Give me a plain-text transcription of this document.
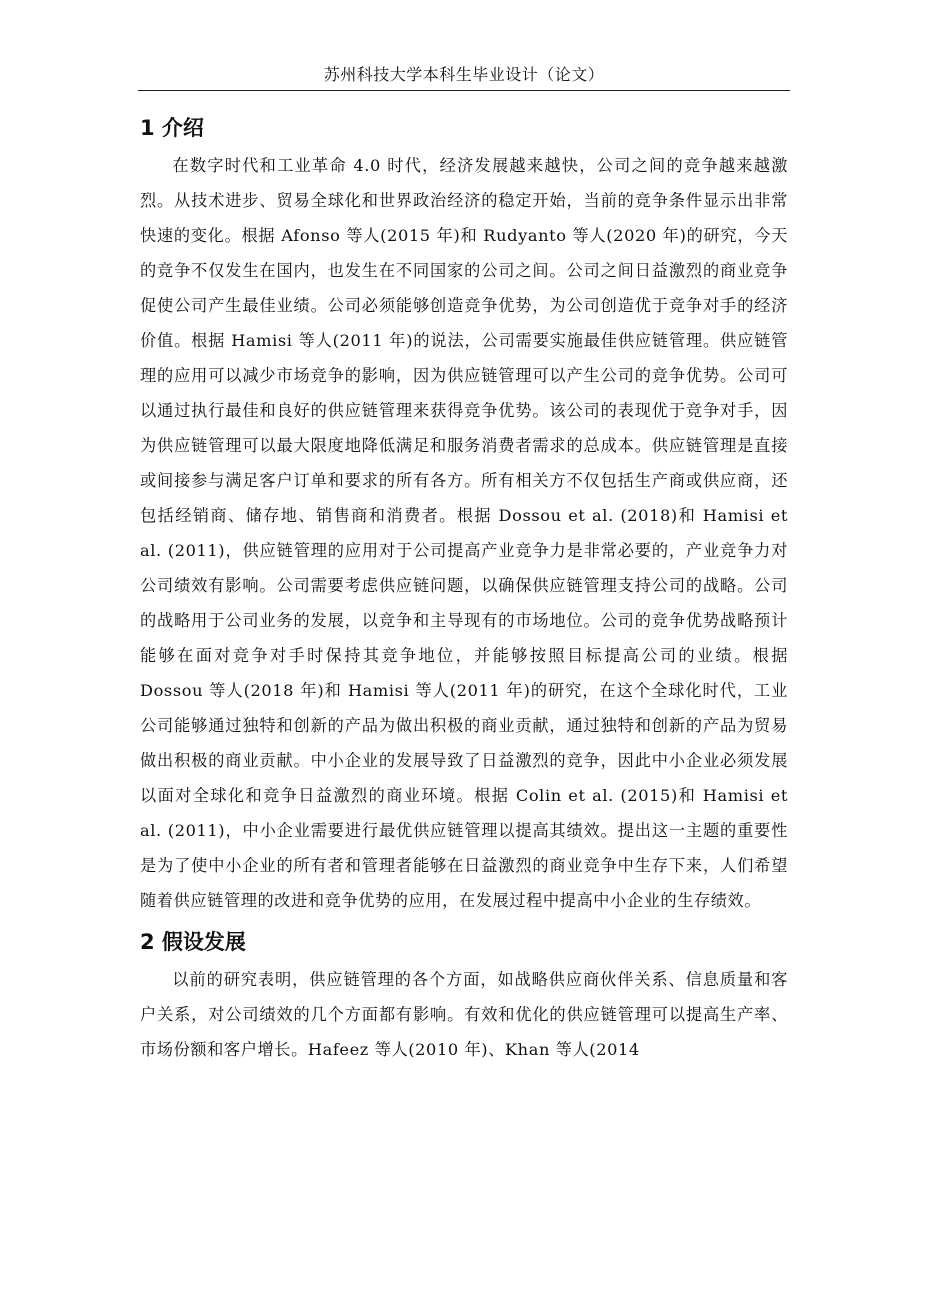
苏州科技大学本科生毕业设计（论文）
1 介绍

在数字时代和工业革命 4.0 时代，经济发展越来越快，公司之间的竞争越来越激烈。从技术进步、贸易全球化和世界政治经济的稳定开始，当前的竞争条件显示出非常快速的变化。根据 Afonso 等人(2015 年)和 Rudyanto 等人(2020 年)的研究，今天的竞争不仅发生在国内，也发生在不同国家的公司之间。公司之间日益激烈的商业竞争促使公司产生最佳业绩。公司必须能够创造竞争优势，为公司创造优于竞争对手的经济价值。根据 Hamisi 等人(2011 年)的说法，公司需要实施最佳供应链管理。供应链管理的应用可以减少市场竞争的影响，因为供应链管理可以产生公司的竞争优势。公司可以通过执行最佳和良好的供应链管理来获得竞争优势。该公司的表现优于竞争对手，因为供应链管理可以最大限度地降低满足和服务消费者需求的总成本。供应链管理是直接或间接参与满足客户订单和要求的所有各方。所有相关方不仅包括生产商或供应商，还包括经销商、储存地、销售商和消费者。根据 Dossou et al. (2018)和 Hamisi et al. (2011)，供应链管理的应用对于公司提高产业竞争力是非常必要的，产业竞争力对公司绩效有影响。公司需要考虑供应链问题，以确保供应链管理支持公司的战略。公司的战略用于公司业务的发展，以竞争和主导现有的市场地位。公司的竞争优势战略预计能够在面对竞争对手时保持其竞争地位，并能够按照目标提高公司的业绩。根据 Dossou 等人(2018 年)和 Hamisi 等人(2011 年)的研究，在这个全球化时代，工业公司能够通过独特和创新的产品为做出积极的商业贡献，通过独特和创新的产品为贸易做出积极的商业贡献。中小企业的发展导致了日益激烈的竞争，因此中小企业必须发展以面对全球化和竞争日益激烈的商业环境。根据 Colin et al. (2015)和 Hamisi et al. (2011)，中小企业需要进行最优供应链管理以提高其绩效。提出这一主题的重要性是为了使中小企业的所有者和管理者能够在日益激烈的商业竞争中生存下来，人们希望随着供应链管理的改进和竞争优势的应用，在发展过程中提高中小企业的生存绩效。

2 假设发展

以前的研究表明，供应链管理的各个方面，如战略供应商伙伴关系、信息质量和客户关系，对公司绩效的几个方面都有影响。有效和优化的供应链管理可以提高生产率、市场份额和客户增长。Hafeez 等人(2010 年)、Khan 等人(2014
